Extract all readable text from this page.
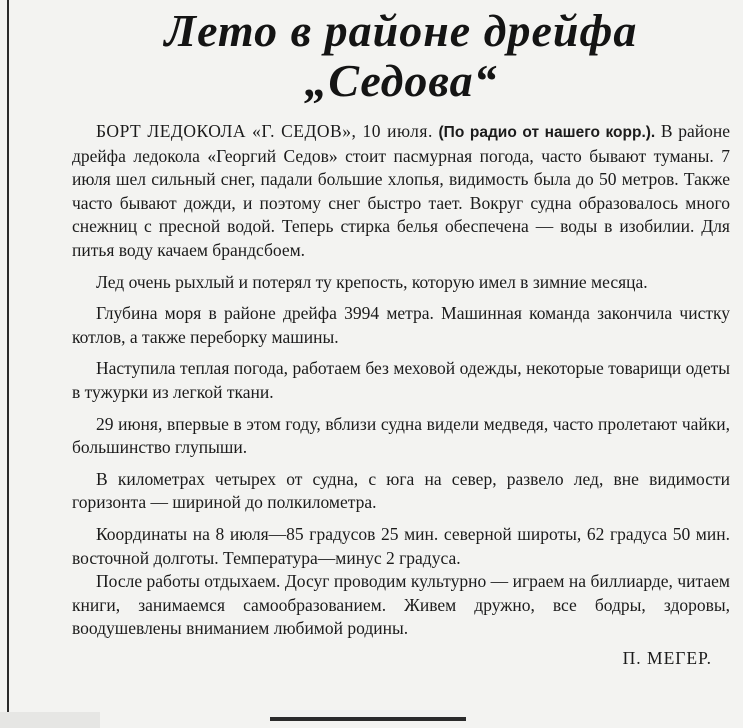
Лето в районе дрейфа
„Седова“

БОРТ ЛЕДОКОЛА «Г. СЕДОВ», 10 июля. (По радио от нашего корр.). В районе дрейфа ледокола «Георгий Седов» стоит пасмурная погода, часто бывают туманы. 7 июля шел сильный снег, падали большие хлопья, видимость была до 50 метров. Также часто бывают дожди, и поэтому снег быстро тает. Вокруг судна образовалось много снежниц с пресной водой. Теперь стирка белья обеспечена — воды в изобилии. Для питья воду качаем брандсбоем.

Лед очень рыхлый и потерял ту крепость, которую имел в зимние месяца.

Глубина моря в районе дрейфа 3994 метра. Машинная команда закончила чистку котлов, а также переборку машины.

Наступила теплая погода, работаем без меховой одежды, некоторые товарищи одеты в тужурки из легкой ткани.

29 июня, впервые в этом году, вблизи судна видели медведя, часто пролетают чайки, большинство глупыши.

В километрах четырех от судна, с юга на север, развело лед, вне видимости горизонта — шириной до полкилометра.

Координаты на 8 июля—85 градусов 25 мин. северной широты, 62 градуса 50 мин. восточной долготы. Температура—минус 2 градуса.

После работы отдыхаем. Досуг проводим культурно — играем на биллиарде, читаем книги, занимаемся самообразованием. Живем дружно, все бодры, здоровы, воодушевлены вниманием любимой родины.

П. МЕГЕР.
